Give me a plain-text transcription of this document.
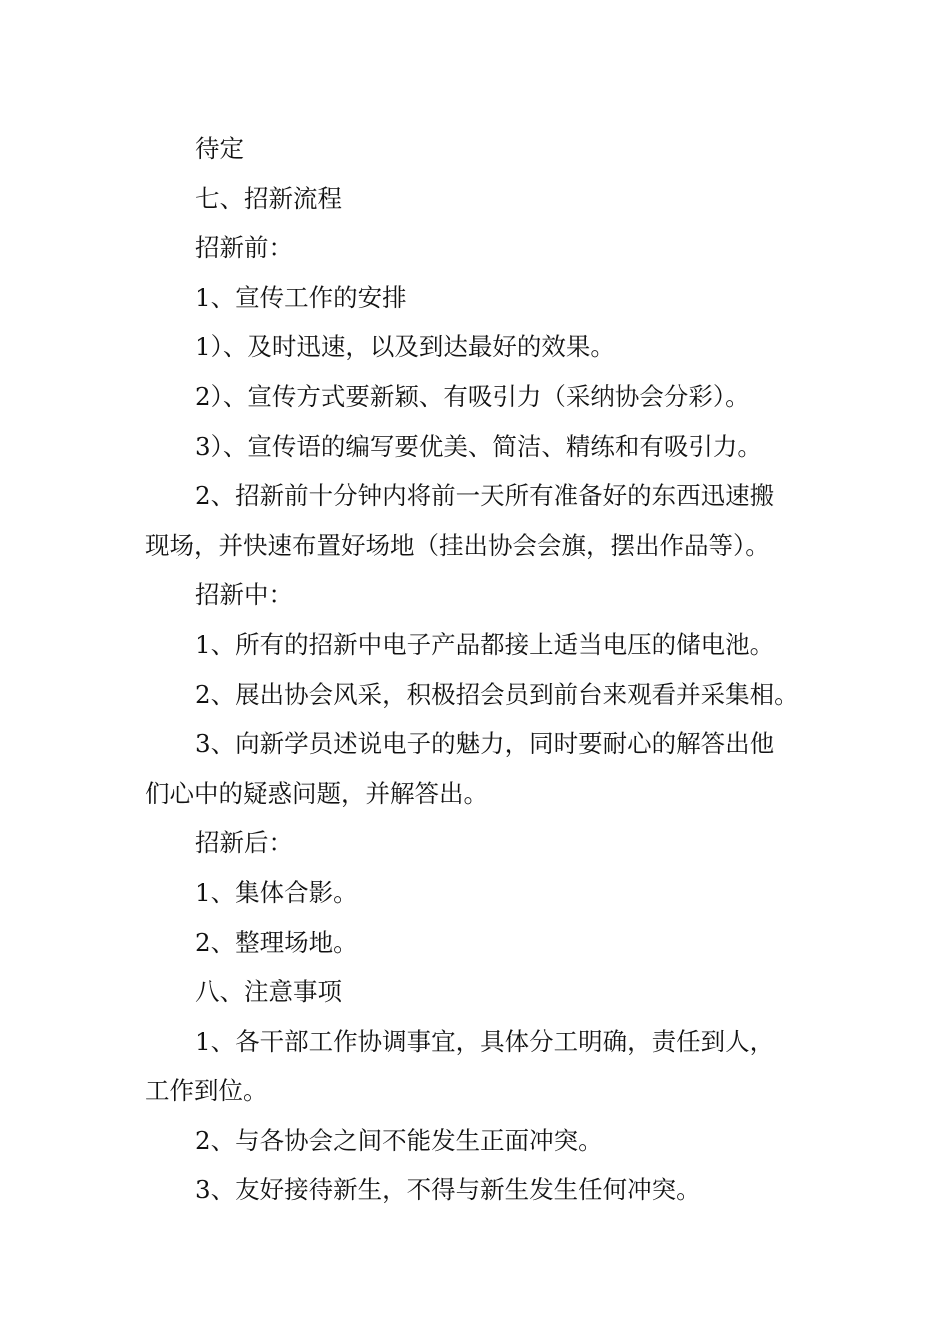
待定
七、招新流程
招新前：
1、宣传工作的安排
1）、及时迅速，以及到达最好的效果。
2）、宣传方式要新颖、有吸引力（采纳协会分彩）。
3）、宣传语的编写要优美、简洁、精练和有吸引力。
2、招新前十分钟内将前一天所有准备好的东西迅速搬
现场，并快速布置好场地（挂出协会会旗，摆出作品等）。
招新中：
1、所有的招新中电子产品都接上适当电压的储电池。
2、展出协会风采，积极招会员到前台来观看并采集相。
3、向新学员述说电子的魅力，同时要耐心的解答出他
们心中的疑惑问题，并解答出。
招新后：
1、集体合影。
2、整理场地。
八、注意事项
1、各干部工作协调事宜，具体分工明确，责任到人，
工作到位。
2、与各协会之间不能发生正面冲突。
3、友好接待新生，不得与新生发生任何冲突。
